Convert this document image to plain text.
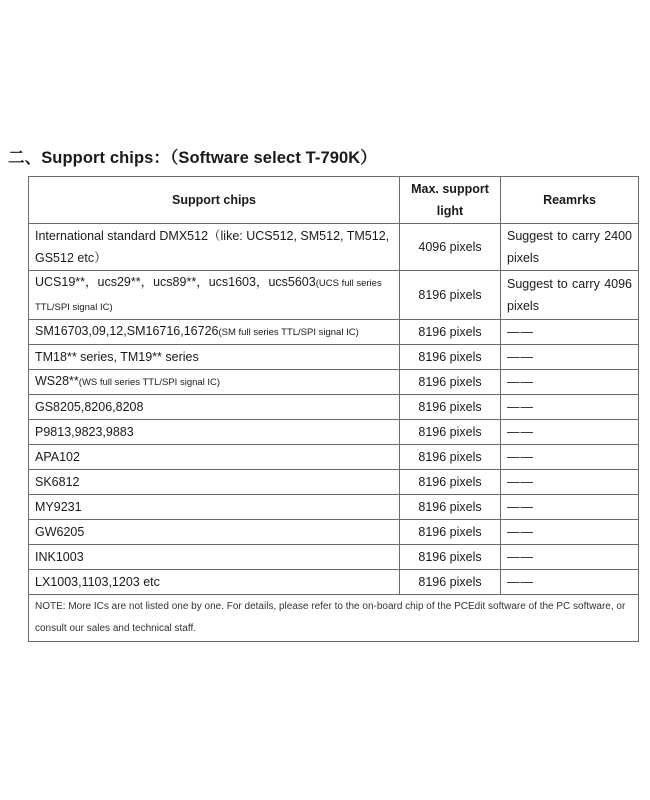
二、Support chips：（Software select T-790K）
Support chips	Max. support light	Reamrks
International standard DMX512（like: UCS512, SM512, TM512, GS512 etc）	4096 pixels	Suggest to carry 2400 pixels
UCS19**，ucs29**，ucs89**，ucs1603，ucs5603(UCS full series TTL/SPI signal IC)	8196 pixels	Suggest to carry 4096 pixels
SM16703,09,12,SM16716,16726(SM full series TTL/SPI signal IC)	8196 pixels	——
TM18** series, TM19** series	8196 pixels	——
WS28**(WS full series TTL/SPI signal IC)	8196 pixels	——
GS8205,8206,8208	8196 pixels	——
P9813,9823,9883	8196 pixels	——
APA102	8196 pixels	——
SK6812	8196 pixels	——
MY9231	8196 pixels	——
GW6205	8196 pixels	——
INK1003	8196 pixels	——
LX1003,1103,1203 etc	8196 pixels	——
NOTE: More ICs are not listed one by one. For details, please refer to the on-board chip of the PCEdit software of the PC software, or consult our sales and technical staff.		
